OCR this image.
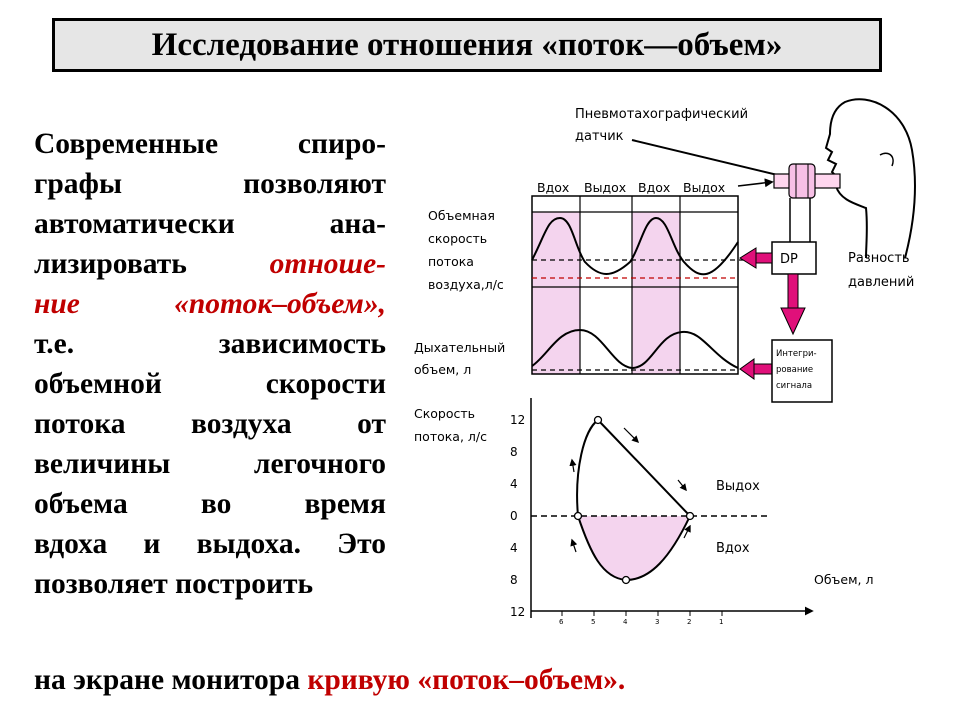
Исследование отношения «поток—объем»
Современные	спиро-
графы	позволяют
автоматически	ана-
лизировать	отноше-
ние	«поток–объем»,
т.е.	зависимость
объемной	скорости
потока воздуха от
величины	легочного
объема во время
вдоха и выдоха. Это
позволяет построить
на экране монитора кривую «поток–объем».
Пневмотахографический
датчик
Вдох Выдох Вдох Выдох
Объемная
скорость
потока
воздуха,л/с
Дыхательный
объем, л
DP	Разность
давлений
Интегри-
рование
сигнала
12
8
4
0
4
8
12
6	5	4	3	2	1
Скорость
потока, л/с
Выдох
Вдох
Объем, л
